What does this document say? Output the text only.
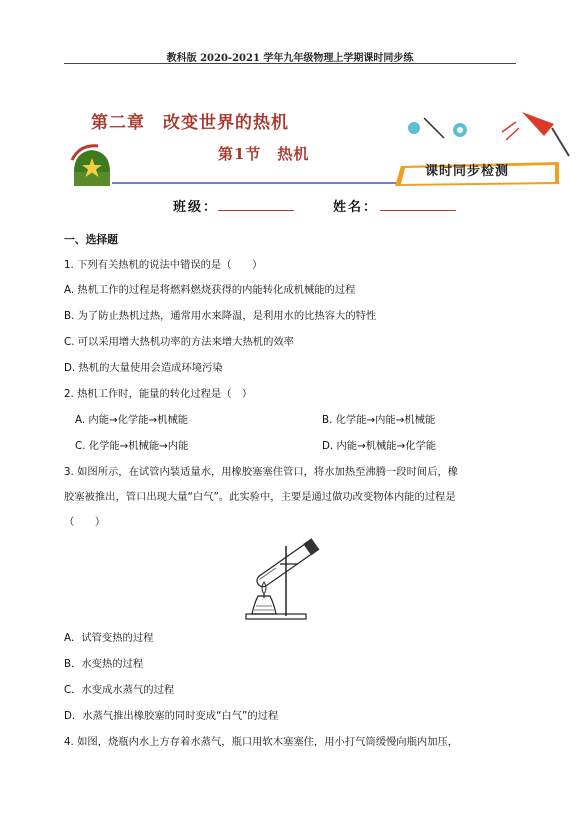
教科版 2020-2021 学年九年级物理上学期课时同步练
第二章　改变世界的热机
第1节　热机
课时同步检测
班级：	姓名：
一、选择题
1. 下列有关热机的说法中错误的是（　　）
A. 热机工作的过程是将燃料燃烧获得的内能转化成机械能的过程
B. 为了防止热机过热，通常用水来降温，是利用水的比热容大的特性
C. 可以采用增大热机功率的方法来增大热机的效率
D. 热机的大量使用会造成环境污染
2. 热机工作时，能量的转化过程是（　）
A. 内能→化学能→机械能	B. 化学能→内能→机械能
C. 化学能→机械能→内能	D. 内能→机械能→化学能
3. 如图所示，在试管内装适量水，用橡胶塞塞住管口，将水加热至沸腾一段时间后，橡
胶塞被推出，管口出现大量“白气”。此实验中，主要是通过做功改变物体内能的过程是
（　　）
A．试管变热的过程
B．水变热的过程
C．水变成水蒸气的过程
D．水蒸气推出橡胶塞的同时变成“白气”的过程
4. 如图，烧瓶内水上方存着水蒸气，瓶口用软木塞塞住，用小打气筒缓慢向瓶内加压，
